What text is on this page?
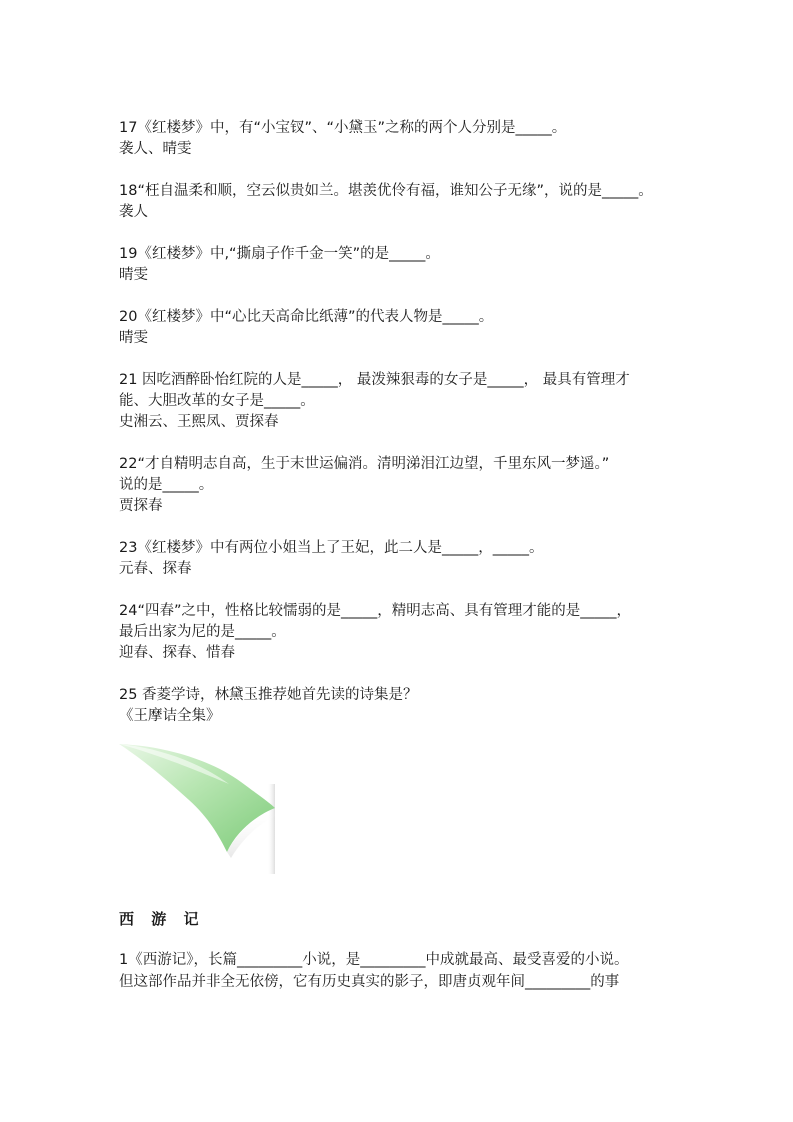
17《红楼梦》中，有“小宝钗”、“小黛玉”之称的两个人分别是_____。
袭人、晴雯
18“枉自温柔和顺，空云似贵如兰。堪羡优伶有福，谁知公子无缘”，说的是_____。
袭人
19《红楼梦》中,“撕扇子作千金一笑”的是_____。
晴雯
20《红楼梦》中“心比天高命比纸薄”的代表人物是_____。
晴雯
21 因吃酒醉卧怡红院的人是_____， 最泼辣狠毒的女子是_____， 最具有管理才
能、大胆改革的女子是_____。
史湘云、王熙凤、贾探春
22“才自精明志自高，生于末世运偏消。清明涕泪江边望，千里东风一梦遥。”
说的是_____。
贾探春
23《红楼梦》中有两位小姐当上了王妃，此二人是_____，_____。
元春、探春
24“四春”之中，性格比较懦弱的是_____，精明志高、具有管理才能的是_____，
最后出家为尼的是_____。
迎春、探春、惜春
25 香菱学诗，林黛玉推荐她首先读的诗集是？
《王摩诘全集》
西 游 记
1《西游记》，长篇_________小说，是_________中成就最高、最受喜爱的小说。
但这部作品并非全无依傍，它有历史真实的影子，即唐贞观年间_________的事
